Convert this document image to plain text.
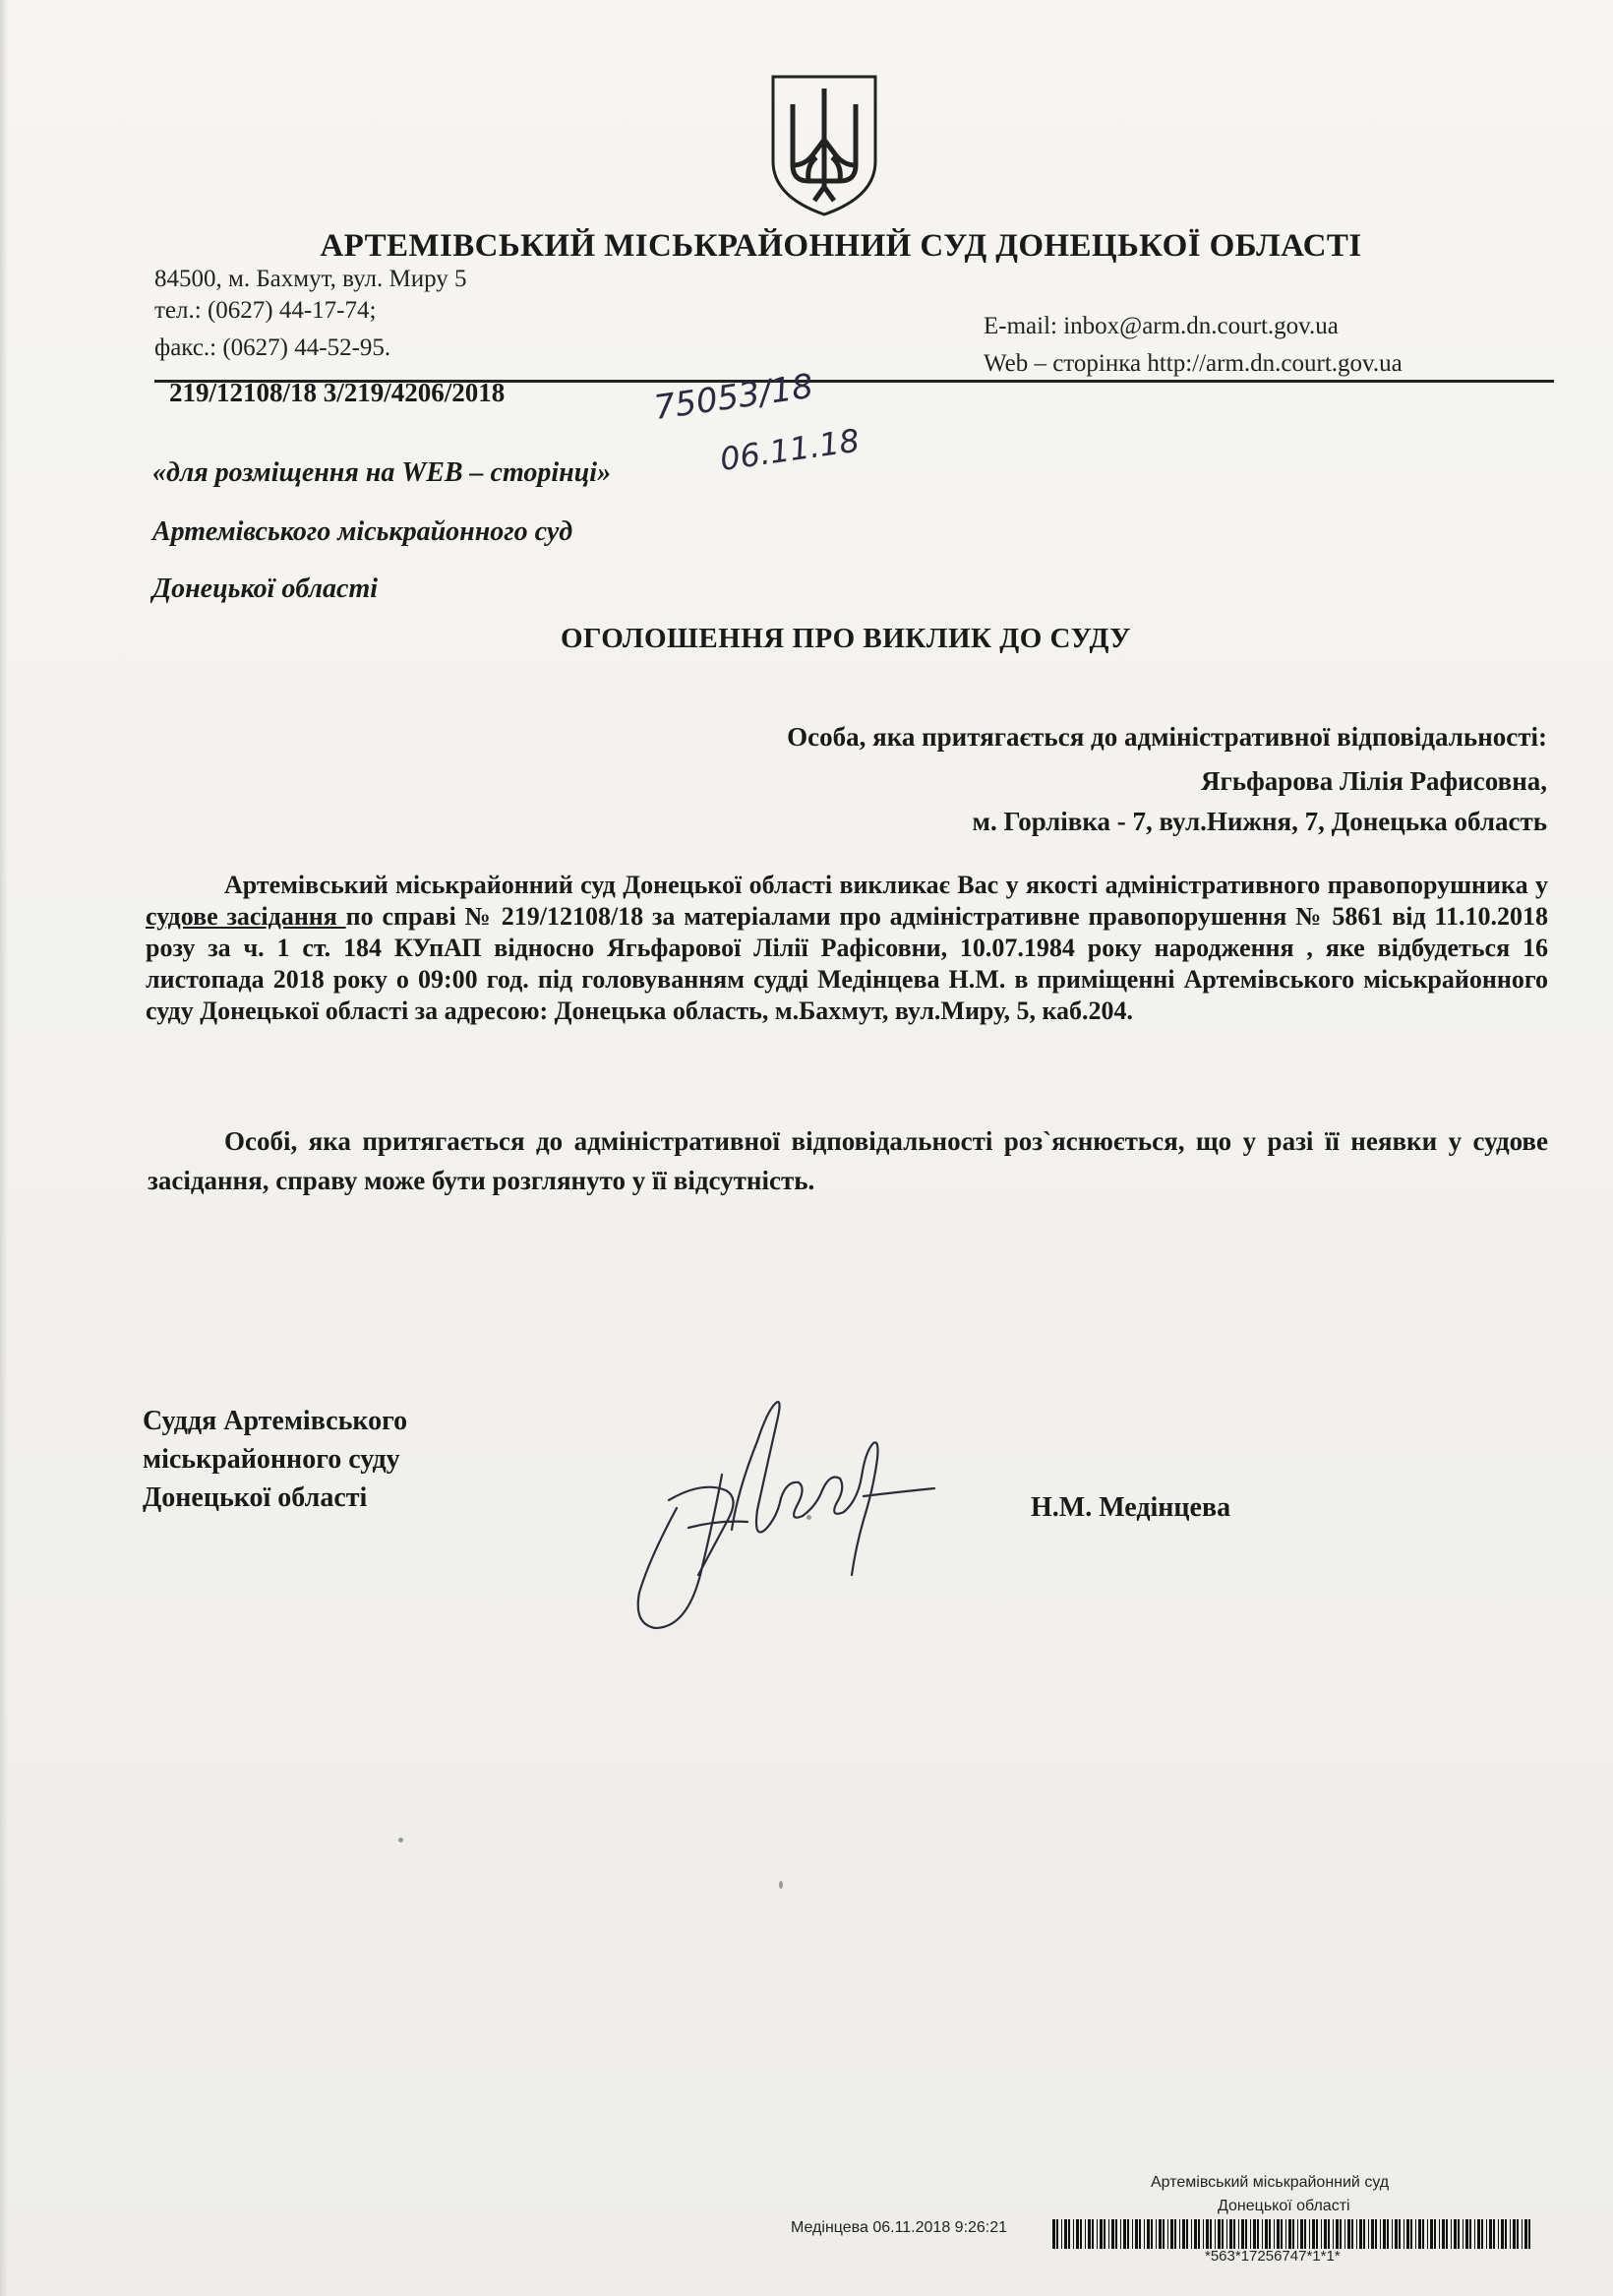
АРТЕМІВСЬКИЙ МІСЬКРАЙОННИЙ СУД ДОНЕЦЬКОЇ ОБЛАСТІ
84500, м. Бахмут, вул. Миру 5
тел.: (0627) 44-17-74;
факс.: (0627) 44-52-95.
E-mail: inbox@arm.dn.court.gov.ua
Web – сторінка http://arm.dn.court.gov.ua
219/12108/18 3/219/4206/2018	75053/18
06.11.18
«для розміщення на WEB – сторінці»
Артемівського міськрайонного суд
Донецької області
ОГОЛОШЕННЯ ПРО ВИКЛИК ДО СУДУ
Особа, яка притягається до адміністративної відповідальності:
Ягьфарова Лілія Рафисовна,
м. Горлівка - 7, вул.Нижня, 7, Донецька область
Артемівський міськрайонний суд Донецької області викликає Вас у якості адміністративного правопорушника у судове засідання по справі № 219/12108/18 за матеріалами про адміністративне правопорушення № 5861 від 11.10.2018 розу за ч. 1 ст. 184 КУпАП відносно Ягьфарової Лілії Рафісовни, 10.07.1984 року народження , яке відбудеться 16 листопада 2018 року о 09:00 год. під головуванням судді Медінцева Н.М. в приміщенні Артемівського міськрайонного суду Донецької області за адресою: Донецька область, м.Бахмут, вул.Миру, 5, каб.204.
Особі, яка притягається до адміністративної відповідальності роз`яснюється, що у разі її неявки у судове засідання, справу може бути розглянуто у її відсутність.
Суддя Артемівського
міськрайонного суду
Донецької області	Н.М. Медінцева
Артемівський міськрайонний суд
Донецької області
Медінцева 06.11.2018 9:26:21
*563*17256747*1*1*
